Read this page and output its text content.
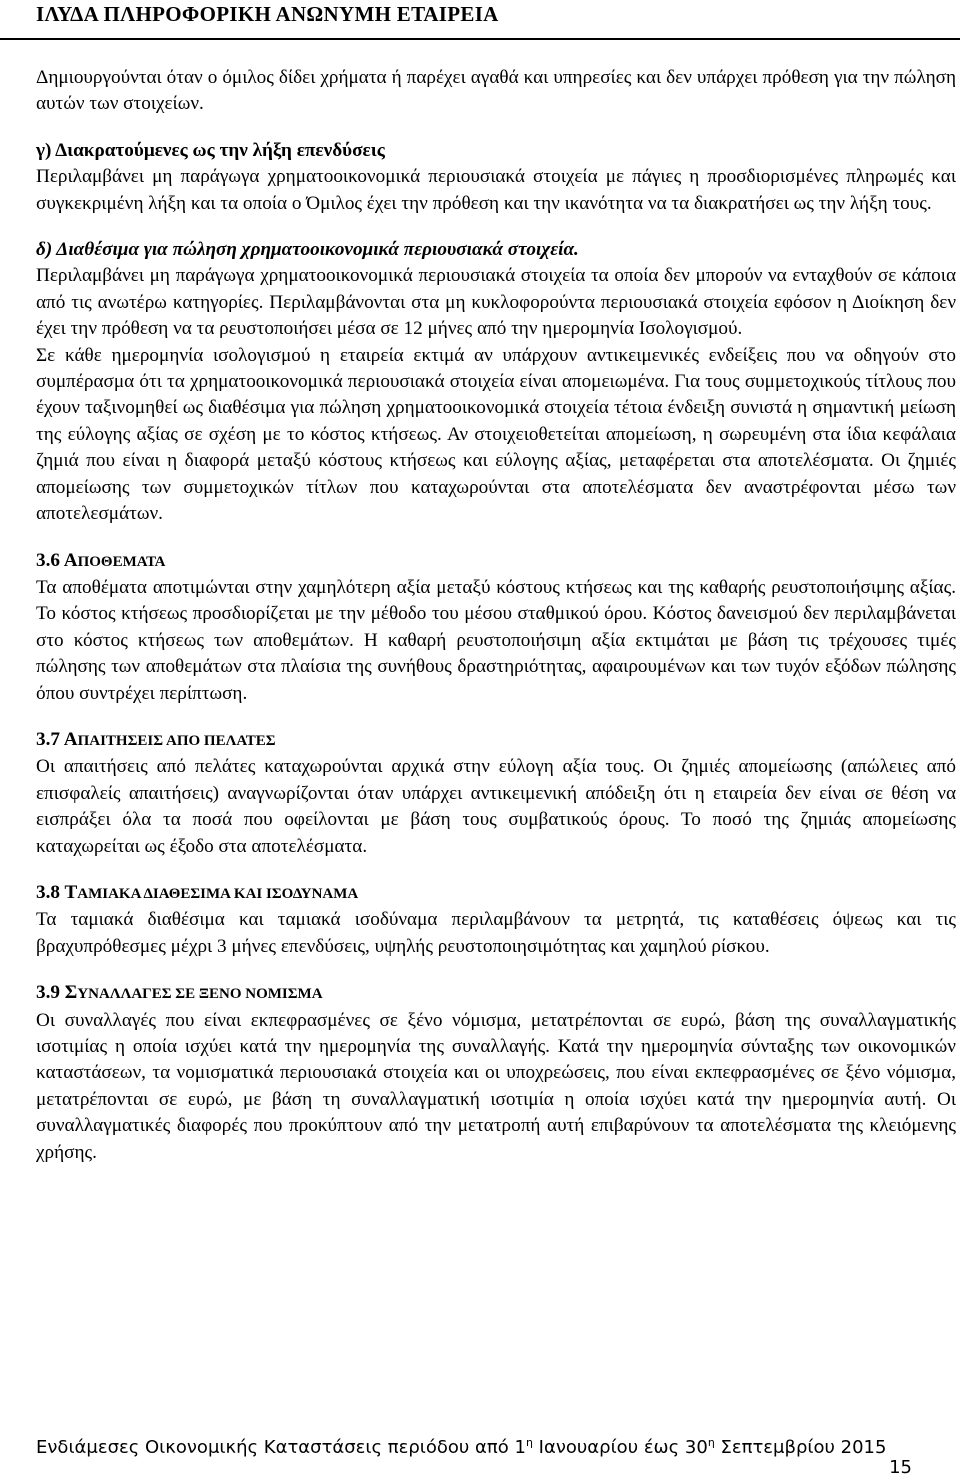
ΙΛΥΔΑ ΠΛΗΡΟΦΟΡΙΚΗ ΑΝΩΝΥΜΗ ΕΤΑΙΡΕΙΑ

Δημιουργούνται όταν ο όμιλος δίδει χρήματα ή παρέχει αγαθά και υπηρεσίες και δεν υπάρχει πρόθεση για την πώληση αυτών των στοιχείων.

γ) Διακρατούμενες ως την λήξη επενδύσεις

Περιλαμβάνει μη παράγωγα χρηματοοικονομικά περιουσιακά στοιχεία με πάγιες η προσδιορισμένες πληρωμές και συγκεκριμένη λήξη και τα οποία ο Όμιλος έχει την πρόθεση και την ικανότητα να τα διακρατήσει ως την λήξη τους.

δ) Διαθέσιμα για πώληση χρηματοοικονομικά περιουσιακά στοιχεία.

Περιλαμβάνει μη παράγωγα χρηματοοικονομικά περιουσιακά στοιχεία τα οποία δεν μπορούν να ενταχθούν σε κάποια από τις ανωτέρω κατηγορίες. Περιλαμβάνονται στα μη κυκλοφορούντα περιουσιακά στοιχεία εφόσον η Διοίκηση δεν έχει την πρόθεση να τα ρευστοποιήσει μέσα σε 12 μήνες από την ημερομηνία Ισολογισμού.

Σε κάθε ημερομηνία ισολογισμού η εταιρεία εκτιμά αν υπάρχουν αντικειμενικές ενδείξεις που να οδηγούν στο συμπέρασμα ότι τα χρηματοοικονομικά περιουσιακά στοιχεία είναι απομειωμένα. Για τους συμμετοχικούς τίτλους που έχουν ταξινομηθεί ως διαθέσιμα για πώληση χρηματοοικονομικά στοιχεία τέτοια ένδειξη συνιστά η σημαντική μείωση της εύλογης αξίας σε σχέση με το κόστος κτήσεως. Αν στοιχειοθετείται απομείωση, η σωρευμένη στα ίδια κεφάλαια ζημιά που είναι η διαφορά μεταξύ κόστους κτήσεως και εύλογης αξίας, μεταφέρεται στα αποτελέσματα. Οι ζημιές απομείωσης των συμμετοχικών τίτλων που καταχωρούνται στα αποτελέσματα δεν αναστρέφονται μέσω των αποτελεσμάτων.

3.6 ΑΠΟΘΕΜΑΤΑ

Τα αποθέματα αποτιμώνται στην χαμηλότερη αξία μεταξύ κόστους κτήσεως και της καθαρής ρευστοποιήσιμης αξίας. Το κόστος κτήσεως προσδιορίζεται με την μέθοδο του μέσου σταθμικού όρου. Κόστος δανεισμού δεν περιλαμβάνεται στο κόστος κτήσεως των αποθεμάτων. Η καθαρή ρευστοποιήσιμη αξία εκτιμάται με βάση τις τρέχουσες τιμές πώλησης των αποθεμάτων στα πλαίσια της συνήθους δραστηριότητας, αφαιρουμένων και των τυχόν εξόδων πώλησης όπου συντρέχει περίπτωση.

3.7 ΑΠΑΙΤΗΣΕΙΣ ΑΠΟ ΠΕΛΑΤΕΣ

Οι απαιτήσεις από πελάτες καταχωρούνται αρχικά στην εύλογη αξία τους. Οι ζημιές απομείωσης (απώλειες από επισφαλείς απαιτήσεις) αναγνωρίζονται όταν υπάρχει αντικειμενική απόδειξη ότι η εταιρεία δεν είναι σε θέση να εισπράξει όλα τα ποσά που οφείλονται με βάση τους συμβατικούς όρους. Το ποσό της ζημιάς απομείωσης καταχωρείται ως έξοδο στα αποτελέσματα.

3.8 ΤΑΜΙΑΚΑ ΔΙΑΘΕΣΙΜΑ ΚΑΙ ΙΣΟΔΥΝΑΜΑ

Τα ταμιακά διαθέσιμα και ταμιακά ισοδύναμα περιλαμβάνουν τα μετρητά, τις καταθέσεις όψεως και τις βραχυπρόθεσμες μέχρι 3 μήνες επενδύσεις, υψηλής ρευστοποιησιμότητας και χαμηλού ρίσκου.

3.9 ΣΥΝΑΛΛΑΓΕΣ ΣΕ ΞΕΝΟ ΝΟΜΙΣΜΑ

Οι συναλλαγές που είναι εκπεφρασμένες σε ξένο νόμισμα, μετατρέπονται σε ευρώ, βάση της συναλλαγματικής ισοτιμίας η οποία ισχύει κατά την ημερομηνία της συναλλαγής. Κατά την ημερομηνία σύνταξης των οικονομικών καταστάσεων, τα νομισματικά περιουσιακά στοιχεία και οι υποχρεώσεις, που είναι εκπεφρασμένες σε ξένο νόμισμα, μετατρέπονται σε ευρώ, με βάση τη συναλλαγματική ισοτιμία η οποία ισχύει κατά την ημερομηνία αυτή. Οι συναλλαγματικές διαφορές που προκύπτουν από την μετατροπή αυτή επιβαρύνουν τα αποτελέσματα της κλειόμενης χρήσης.

Ενδιάμεσες Οικονομικής Καταστάσεις περιόδου από $1^\eta$ Ιανουαρίου έως $30^\eta$ Σεπτεμβρίου 2015
15
